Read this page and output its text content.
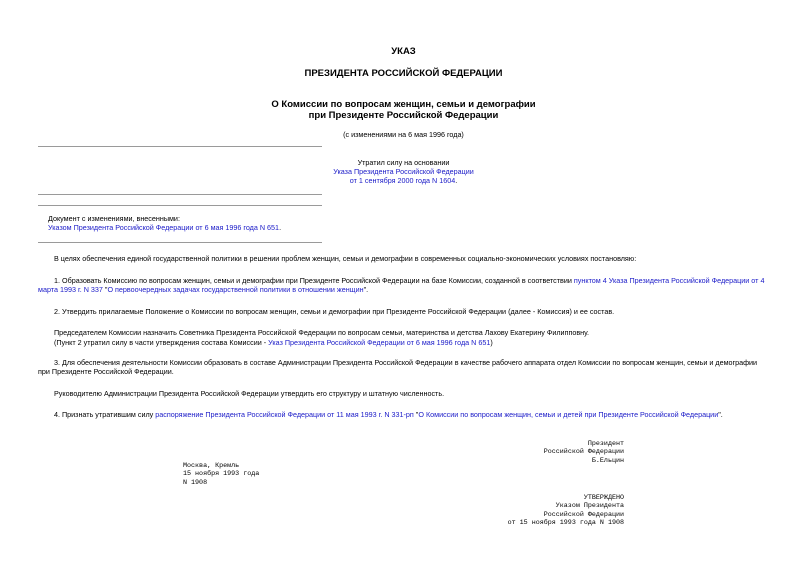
УКАЗ
ПРЕЗИДЕНТА РОССИЙСКОЙ ФЕДЕРАЦИИ
О Комиссии по вопросам женщин, семьи и демографии
при Президенте Российской Федерации
(с изменениями на 6 мая 1996 года)
Утратил силу на основании
Указа Президента Российской Федерации
от 1 сентября 2000 года N 1604.
Документ с изменениями, внесенными:
Указом Президента Российской Федерации от 6 мая 1996 года N 651.
В целях обеспечения единой государственной политики в решении проблем женщин, семьи и демографии в современных социально-экономических условиях постановляю:
1. Образовать Комиссию по вопросам женщин, семьи и демографии при Президенте Российской Федерации на базе Комиссии, созданной в соответствии пунктом 4 Указа Президента Российской Федерации от 4
марта 1993 г. N 337 "О первоочередных задачах государственной политики в отношении женщин".
2. Утвердить прилагаемые Положение о Комиссии по вопросам женщин, семьи и демографии при Президенте Российской Федерации (далее - Комиссия) и ее состав.
Председателем Комиссии назначить Советника Президента Российской Федерации по вопросам семьи, материнства и детства Лахову Екатерину Филипповну.
(Пункт 2 утратил силу в части утверждения состава Комиссии - Указ Президента Российской Федерации от 6 мая 1996 года N 651)
3. Для обеспечения деятельности Комиссии образовать в составе Администрации Президента Российской Федерации в качестве рабочего аппарата отдел Комиссии по вопросам женщин, семьи и демографии
при Президенте Российской Федерации.
Руководителю Администрации Президента Российской Федерации утвердить его структуру и штатную численность.
4. Признать утратившим силу распоряжение Президента Российской Федерации от 11 мая 1993 г. N 331-рп "О Комиссии по вопросам женщин, семьи и детей при Президенте Российской Федерации".
Президент
Российской Федерации
Б.Ельцин
Москва, Кремль
15 ноября 1993 года
N 1908
УТВЕРЖДЕНО
Указом Президента
Российской Федерации
от 15 ноября 1993 года N 1908
